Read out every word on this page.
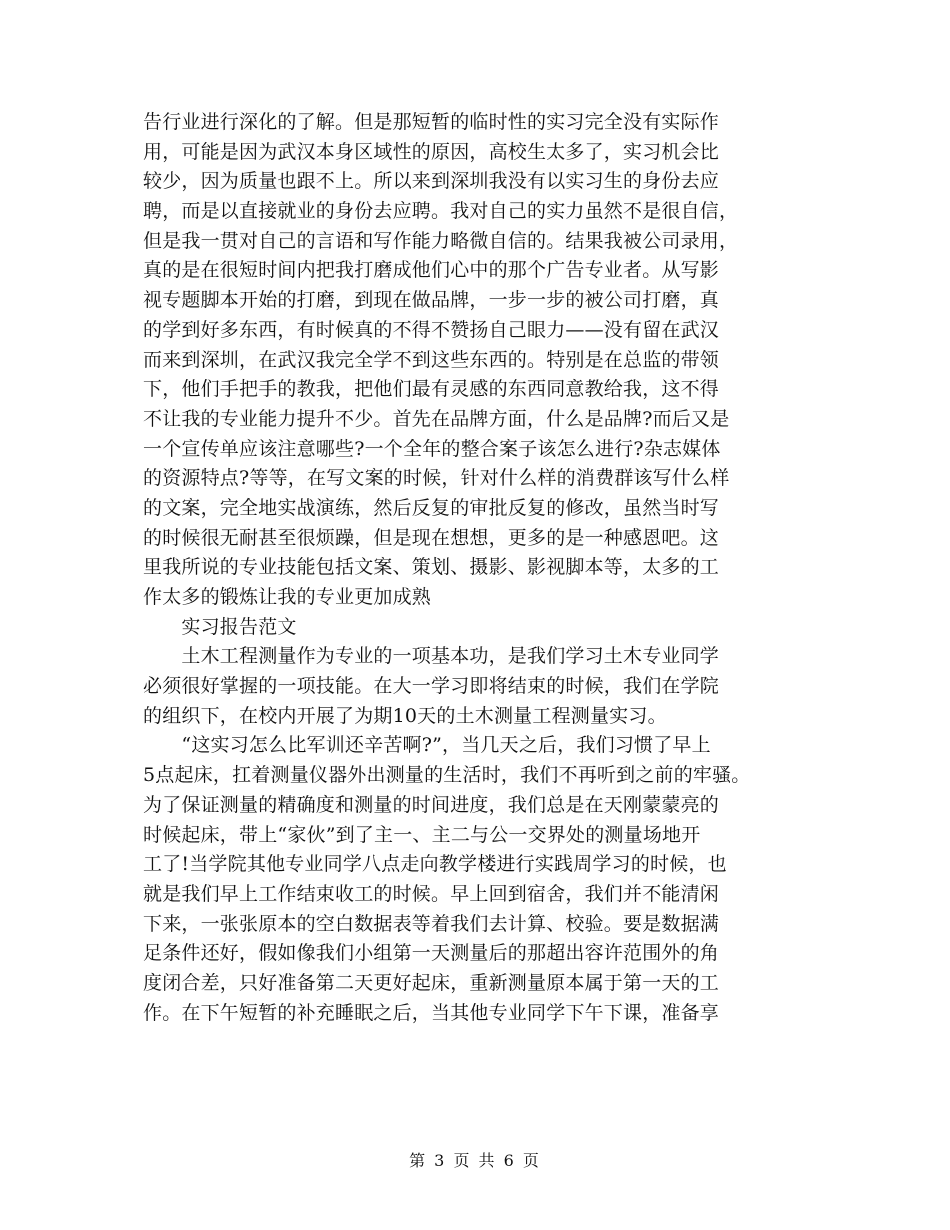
告行业进行深化的了解。但是那短暂的临时性的实习完全没有实际作
用，可能是因为武汉本身区域性的原因，高校生太多了，实习机会比
较少，因为质量也跟不上。所以来到深圳我没有以实习生的身份去应
聘，而是以直接就业的身份去应聘。我对自己的实力虽然不是很自信，
但是我一贯对自己的言语和写作能力略微自信的。结果我被公司录用，
真的是在很短时间内把我打磨成他们心中的那个广告专业者。从写影
视专题脚本开始的打磨，到现在做品牌，一步一步的被公司打磨，真
的学到好多东西，有时候真的不得不赞扬自己眼力——没有留在武汉
而来到深圳，在武汉我完全学不到这些东西的。特别是在总监的带领
下，他们手把手的教我，把他们最有灵感的东西同意教给我，这不得
不让我的专业能力提升不少。首先在品牌方面，什么是品牌?而后又是
一个宣传单应该注意哪些?一个全年的整合案子该怎么进行?杂志媒体
的资源特点?等等，在写文案的时候，针对什么样的消费群该写什么样
的文案，完全地实战演练，然后反复的审批反复的修改，虽然当时写
的时候很无耐甚至很烦躁，但是现在想想，更多的是一种感恩吧。这
里我所说的专业技能包括文案、策划、摄影、影视脚本等，太多的工
作太多的锻炼让我的专业更加成熟
　　实习报告范文
　　土木工程测量作为专业的一项基本功，是我们学习土木专业同学
必须很好掌握的一项技能。在大一学习即将结束的时候，我们在学院
的组织下，在校内开展了为期10天的土木测量工程测量实习。
　　“这实习怎么比军训还辛苦啊?”，当几天之后，我们习惯了早上
5点起床，扛着测量仪器外出测量的生活时，我们不再听到之前的牢骚。
为了保证测量的精确度和测量的时间进度，我们总是在天刚蒙蒙亮的
时候起床，带上“家伙”到了主一、主二与公一交界处的测量场地开
工了!当学院其他专业同学八点走向教学楼进行实践周学习的时候，也
就是我们早上工作结束收工的时候。早上回到宿舍，我们并不能清闲
下来，一张张原本的空白数据表等着我们去计算、校验。要是数据满
足条件还好，假如像我们小组第一天测量后的那超出容许范围外的角
度闭合差，只好准备第二天更好起床，重新测量原本属于第一天的工
作。在下午短暂的补充睡眠之后，当其他专业同学下午下课，准备享
第 3 页 共 6 页
